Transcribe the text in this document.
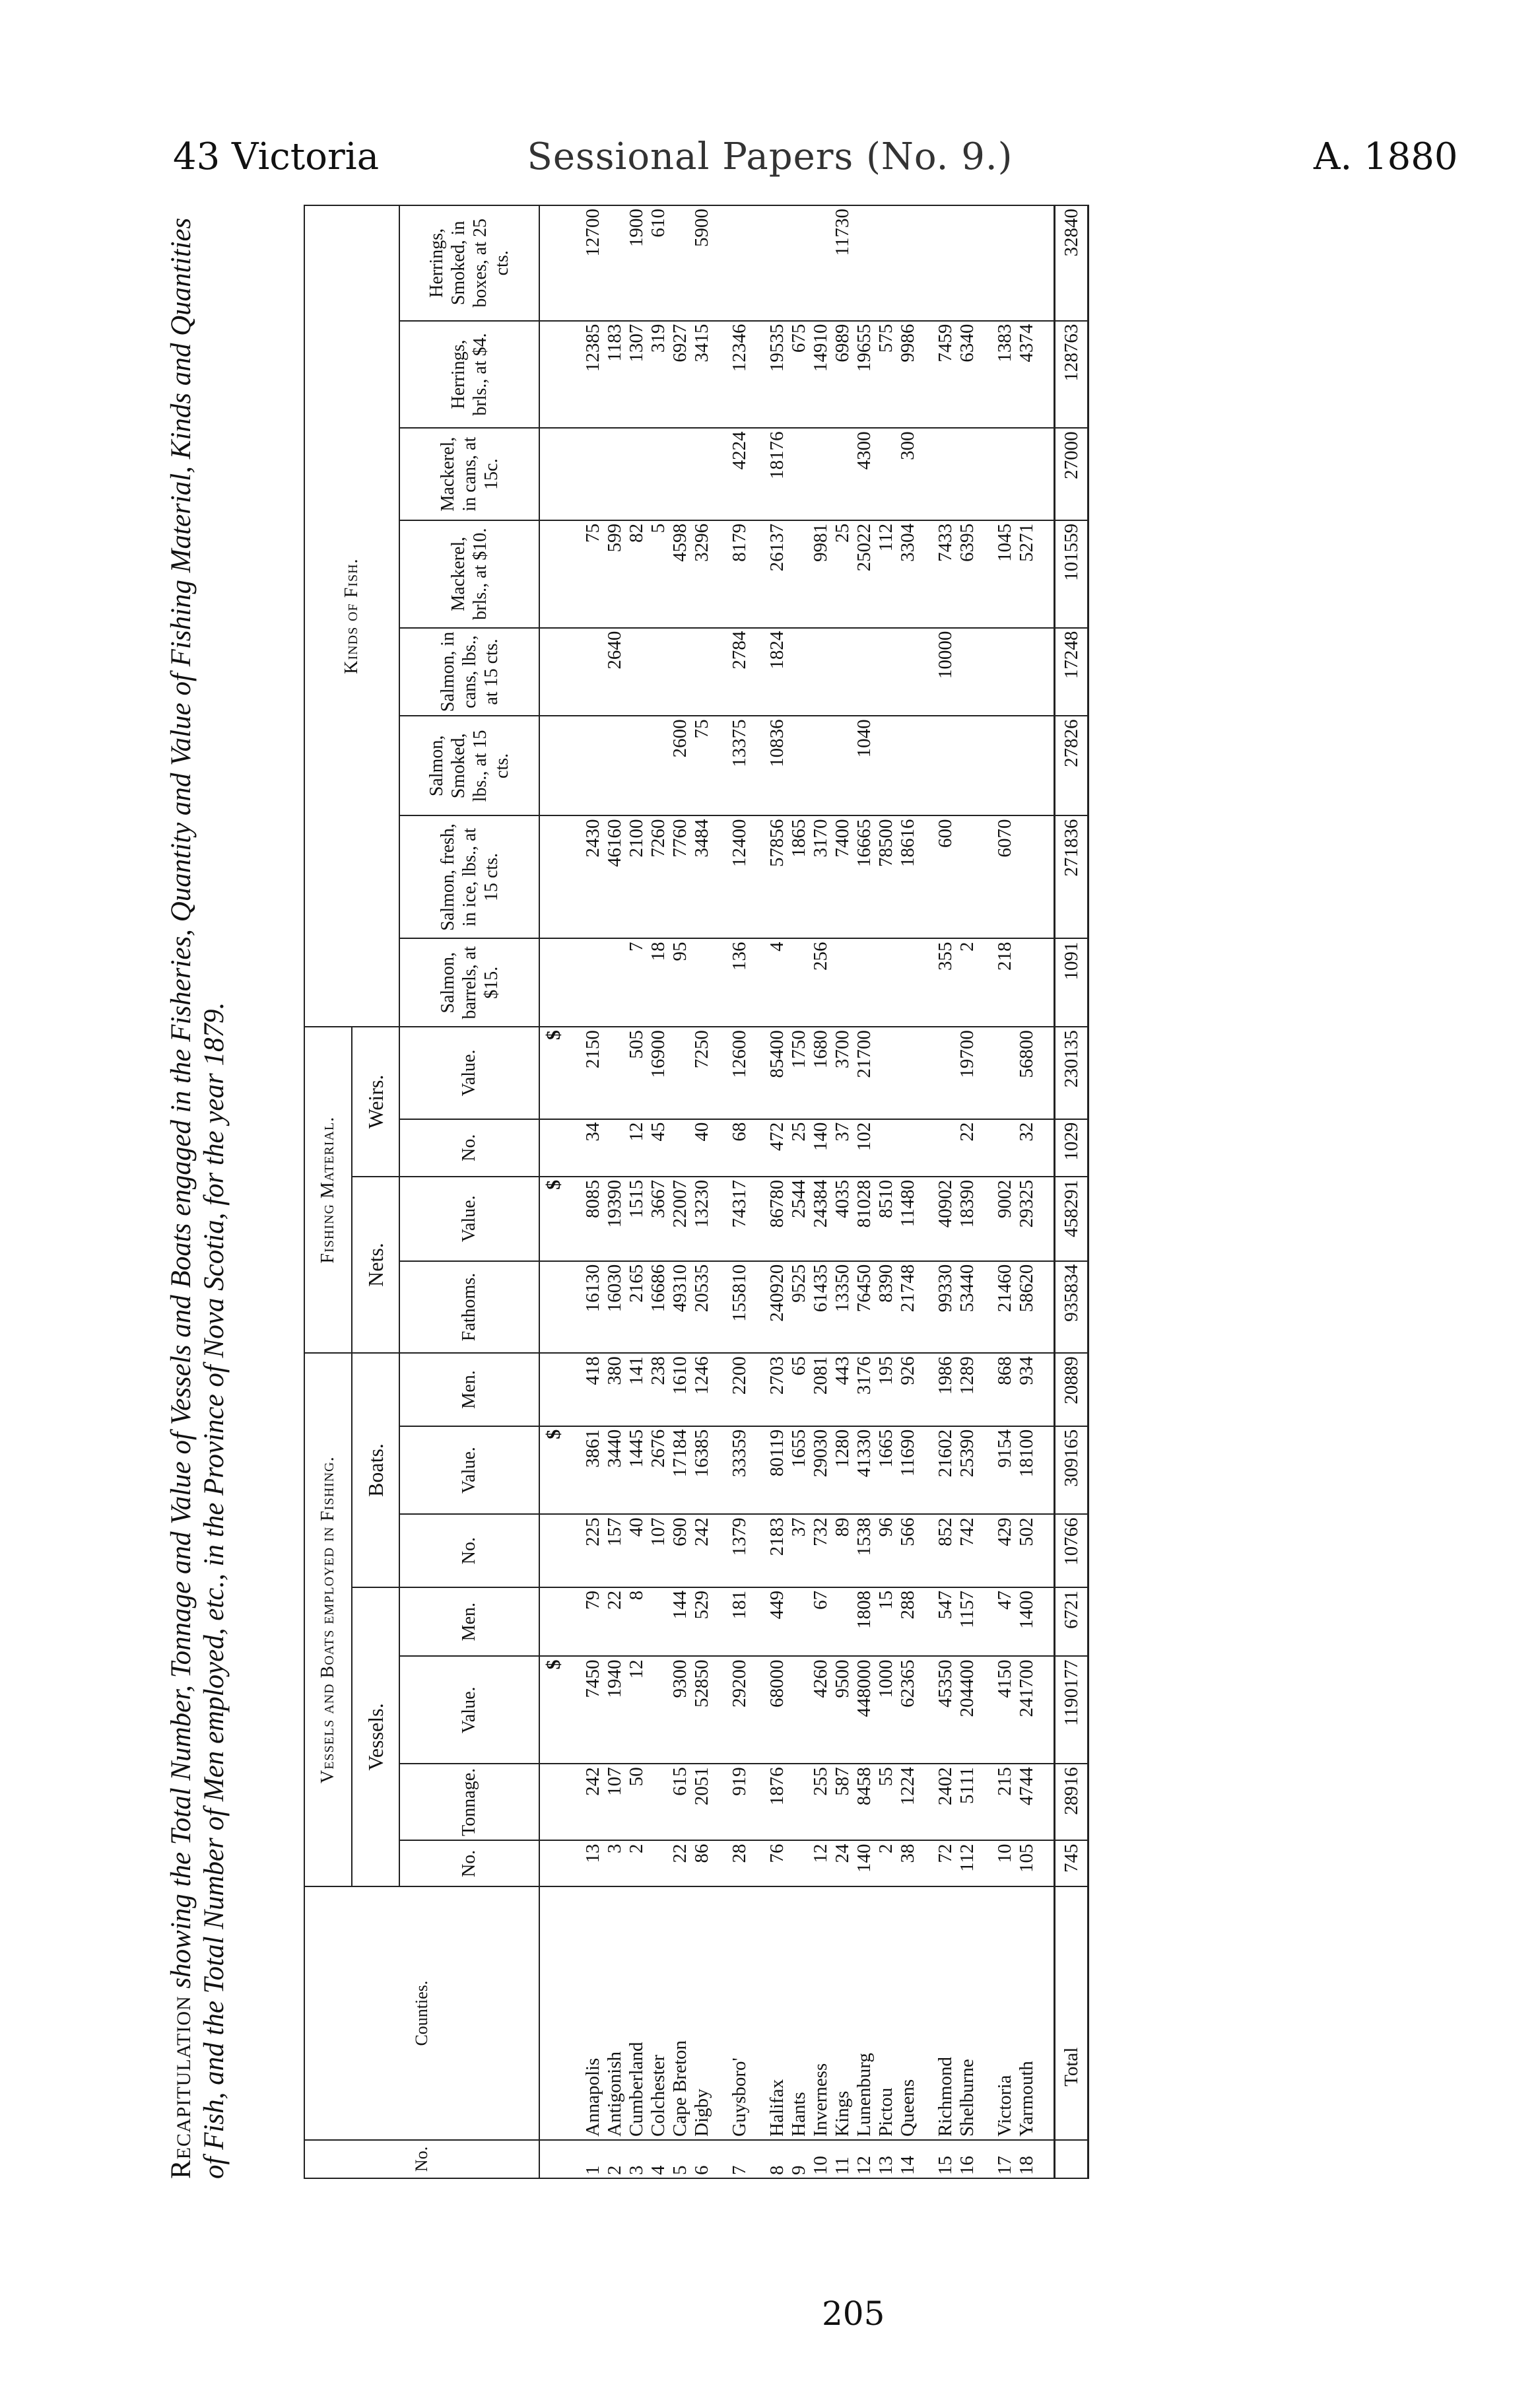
43 Victoria	Sessional Papers (No. 9.)	A. 1880
Recapitulation showing the Total Number, Tonnage and Value of Vessels and Boats engaged in the Fisheries, Quantity and Value of Fishing Material, Kinds and Quantities of Fish, and the Total Number of Men employed, etc., in the Province of Nova Scotia, for the year 1879.	No.	Counties.	Vessels and Boats employed in Fishing.							Fishing Material.				Kinds of Fish.							
		Vessels.				Boats.			Nets.		Weirs.									
		No.	Tonnage.	Value.	Men.	No.	Value.	Men.	Fathoms.	Value.	No.	Value.	Salmon, barrels, at $15.	Salmon, fresh, in ice, lbs., at 15 cts.	Salmon, Smoked, lbs., at 15 cts.	Salmon, in cans, lbs., at 15 cts.	Mackerel, brls., at $10.	Mackerel, in cans, at 15c.	Herrings, brls., at $4.	Herrings, Smoked, in boxes, at 25 cts.
				$			$			$		$								

1	Annapolis	13	242	7450	79	225	3861	418	16130	8085	34	2150		2430			75		12385	12700
2	Antigonish	3	107	1940	22	157	3440	380	16030	19390				46160		2640	599		1183	
3	Cumberland	2	50	12	8	40	1445	141	2165	1515	12	505	7	2100			82		1307	1900
4	Colchester					107	2676	238	16686	3667	45	16900	18	7260			5		319	610
5	Cape Breton	22	615	9300	144	690	17184	1610	49310	22007			95	7760	2600		4598		6927	
6	Digby	86	2051	52850	529	242	16385	1246	20535	13230	40	7250		3484	75		3296		3415	5900

7	Guysboro'	28	919	29200	181	1379	33359	2200	155810	74317	68	12600	136	12400	13375	2784	8179	4224	12346	

8	Halifax	76	1876	68000	449	2183	80119	2703	240920	86780	472	85400	4	57856	10836	1824	26137	18176	19535	
9	Hants					37	1655	65	9525	2544	25	1750		1865					675	
10	Inverness	12	255	4260	67	732	29030	2081	61435	24384	140	1680	256	3170			9981		14910	
11	Kings	24	587	9500		89	1280	443	13350	4035	37	3700		7400			25		6989	11730
12	Lunenburg	140	8458	448000	1808	1538	41330	3176	76450	81028	102	21700		16665	1040		25022	4300	19655	
13	Pictou	2	55	1000	15	96	1665	195	8390	8510				78500			112		575	
14	Queens	38	1224	62365	288	566	11690	926	21748	11480				18616			3304	300	9986	

15	Richmond	72	2402	45350	547	852	21602	1986	99330	40902			355	600		10000	7433		7459	
16	Shelburne	112	5111	204400	1157	742	25390	1289	53440	18390	22	19700	2				6395		6340	

17	Victoria	10	215	4150	47	429	9154	868	21460	9002			218	6070			1045		1383	
18	Yarmouth	105	4744	241700	1400	502	18100	934	58620	29325	32	56800					5271		4374	

	Total	745	28916	1190177	6721	10766	309165	20889	935834	458291	1029	230135	1091	271836	27826	17248	101559	27000	128763	32840
205
